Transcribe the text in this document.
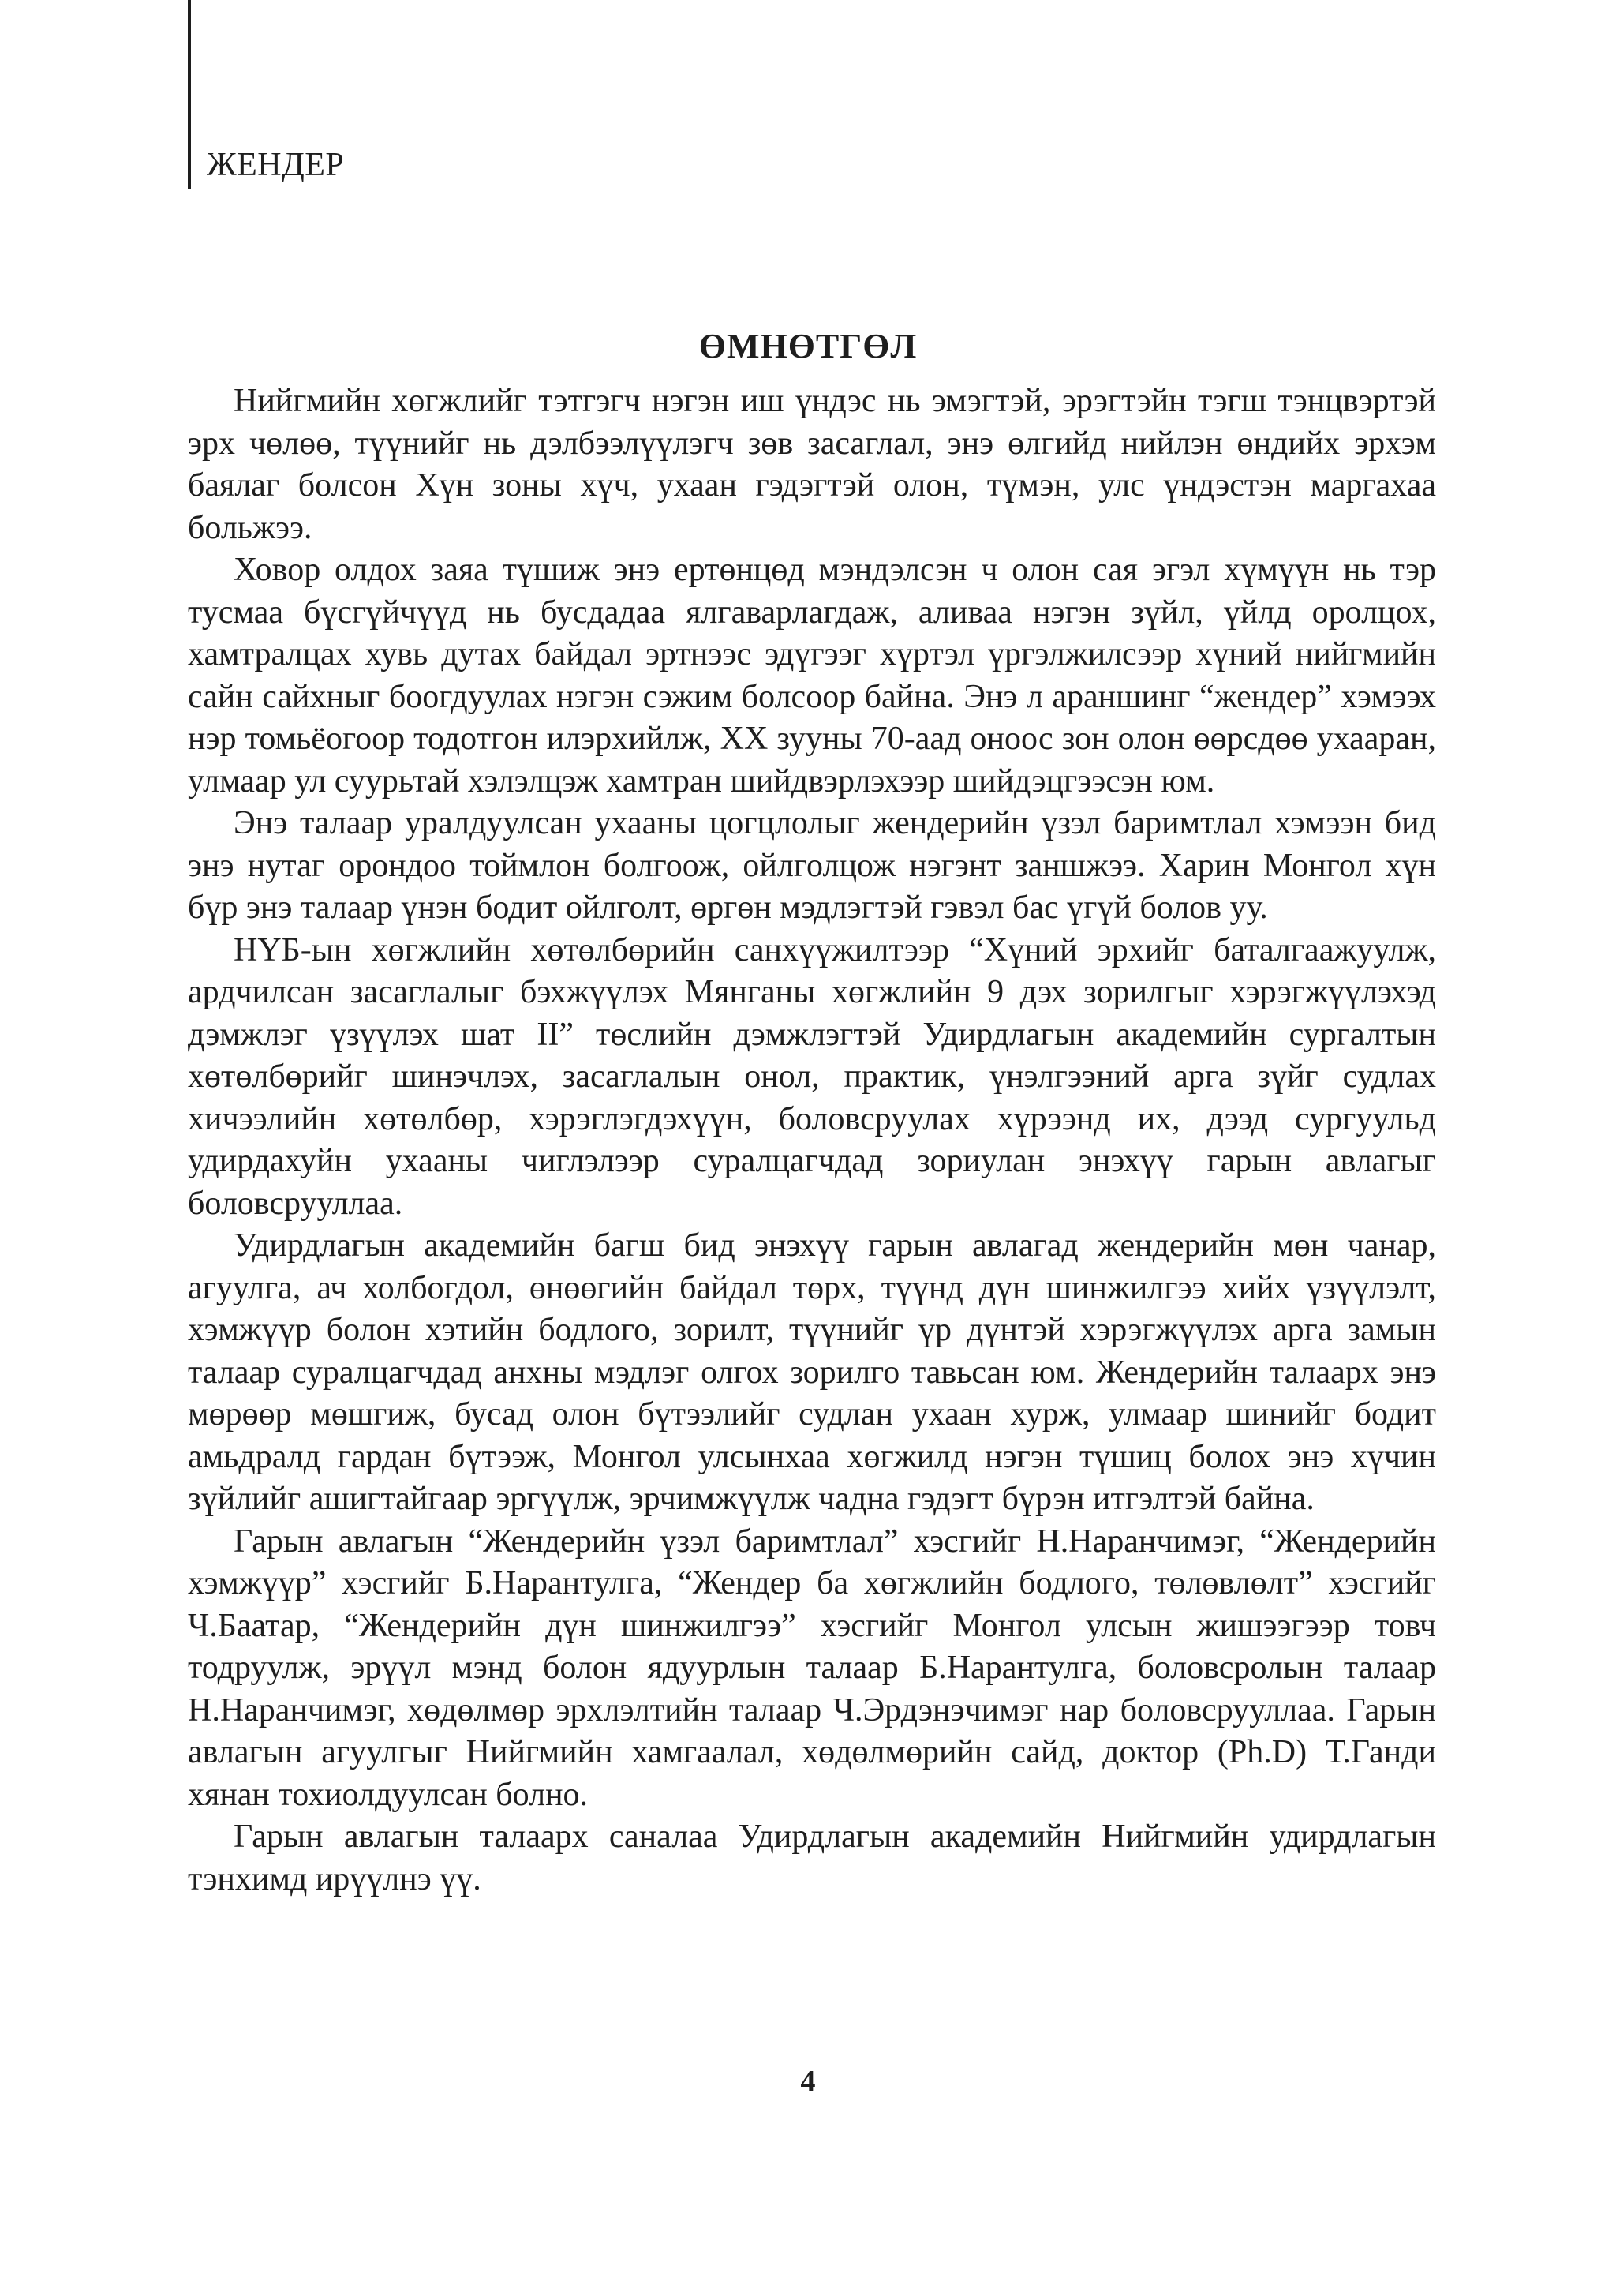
ЖЕНДЕР
ӨМНӨТГӨЛ

Нийгмийн хөгжлийг тэтгэгч нэгэн иш үндэс нь эмэгтэй, эрэгтэйн тэгш тэнцвэртэй эрх чөлөө, түүнийг нь дэлбээлүүлэгч зөв засаглал, энэ өлгийд нийлэн өндийх эрхэм баялаг болсон Хүн зоны хүч, ухаан гэдэгтэй олон, түмэн, улс үндэстэн маргахаа больжээ.

Ховор олдох заяа түшиж энэ ертөнцөд мэндэлсэн ч олон сая эгэл хүмүүн нь тэр тусмаа бүсгүйчүүд нь бусдадаа ялгаварлагдаж, аливаа нэгэн зүйл, үйлд оролцох, хамтралцах хувь дутах байдал эртнээс эдүгээг хүртэл үргэлжилсээр хүний нийгмийн сайн сайхныг боогдуулах нэгэн сэжим болсоор байна. Энэ л араншинг “жендер” хэмээх нэр томьёогоор тодотгон илэрхийлж, XX зууны 70-аад оноос зон олон өөрсдөө ухааран, улмаар ул суурьтай хэлэлцэж хамтран шийдвэрлэхээр шийдэцгээсэн юм.

Энэ талаар уралдуулсан ухааны цогцлолыг жендерийн үзэл баримтлал хэмээн бид энэ нутаг орондоо тоймлон болгоож, ойлголцож нэгэнт заншжээ. Харин Монгол хүн бүр энэ талаар үнэн бодит ойлголт, өргөн мэдлэгтэй гэвэл бас үгүй болов уу.

НҮБ-ын хөгжлийн хөтөлбөрийн санхүүжилтээр “Хүний эрхийг баталгаажуулж, ардчилсан засаглалыг бэхжүүлэх Мянганы хөгжлийн 9 дэх зорилгыг хэрэгжүүлэхэд дэмжлэг үзүүлэх шат II” төслийн дэмжлэгтэй Удирдлагын академийн сургалтын хөтөлбөрийг шинэчлэх, засаглалын онол, практик, үнэлгээний арга зүйг судлах хичээлийн хөтөлбөр, хэрэглэгдэхүүн, боловсруулах хүрээнд их, дээд сургуульд удирдахуйн ухааны чиглэлээр суралцагчдад зориулан энэхүү гарын авлагыг боловсрууллаа.

Удирдлагын академийн багш бид энэхүү гарын авлагад жендерийн мөн чанар, агуулга, ач холбогдол, өнөөгийн байдал төрх, түүнд дүн шинжилгээ хийх үзүүлэлт, хэмжүүр болон хэтийн бодлого, зорилт, түүнийг үр дүнтэй хэрэгжүүлэх арга замын талаар суралцагчдад анхны мэдлэг олгох зорилго тавьсан юм. Жендерийн талаарх энэ мөрөөр мөшгиж, бусад олон бүтээлийг судлан ухаан хурж, улмаар шинийг бодит амьдралд гардан бүтээж, Монгол улсынхаа хөгжилд нэгэн түшиц болох энэ хүчин зүйлийг ашигтайгаар эргүүлж, эрчимжүүлж чадна гэдэгт бүрэн итгэлтэй байна.

Гарын авлагын “Жендерийн үзэл баримтлал” хэсгийг Н.Наранчимэг, “Жендерийн хэмжүүр” хэсгийг Б.Нарантулга, “Жендер ба хөгжлийн бодлого, төлөвлөлт” хэсгийг Ч.Баатар, “Жендерийн дүн шинжилгээ” хэсгийг Монгол улсын жишээгээр товч тодруулж, эрүүл мэнд болон ядуурлын талаар Б.Нарантулга, боловсролын талаар Н.Наранчимэг, хөдөлмөр эрхлэлтийн талаар Ч.Эрдэнэчимэг нар боловсрууллаа. Гарын авлагын агуулгыг Нийгмийн хамгаалал, хөдөлмөрийн сайд, доктор (Ph.D) Т.Ганди хянан тохиолдуулсан болно.

Гарын авлагын талаарх саналаа Удирдлагын академийн Нийгмийн удирдлагын тэнхимд ирүүлнэ үү.

4
